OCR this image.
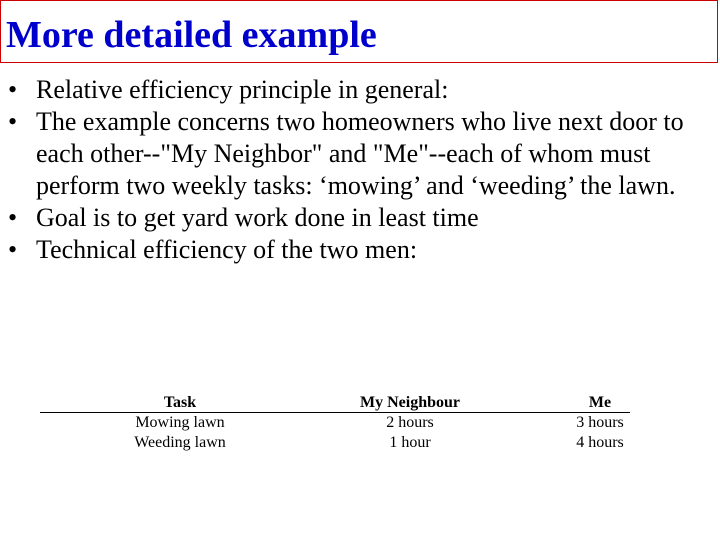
More detailed example
• Relative efficiency principle in general:
• The example concerns two homeowners who live next door to each other--"My Neighbor" and "Me"--each of whom must perform two weekly tasks: ‘mowing’ and ‘weeding’ the lawn.
• Goal is to get yard work done in least time
• Technical efficiency of the two men:
Task	My Neighbour	Me
Mowing lawn	2 hours	3 hours
Weeding lawn	1 hour	4 hours
